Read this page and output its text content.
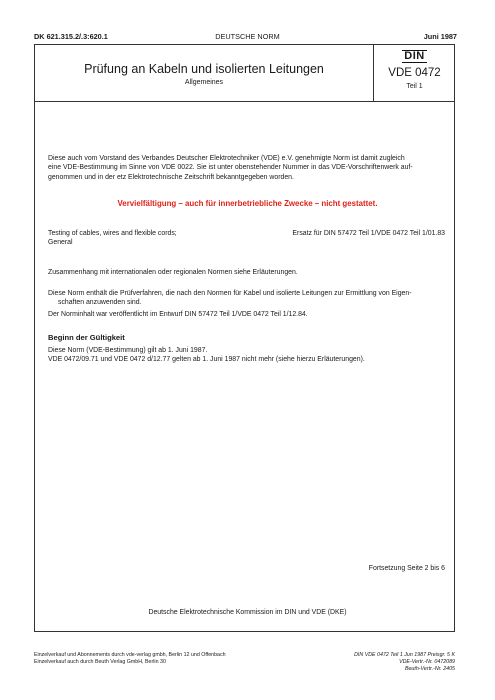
DK 621.315.2/.3:620.1	DEUTSCHE NORM	Juni 1987
Prüfung an Kabeln und isolierten Leitungen
Allgemeines
DIN
VDE 0472
Teil 1
Diese auch vom Vorstand des Verbandes Deutscher Elektrotechniker (VDE) e.V. genehmigte Norm ist damit zugleich
eine VDE-Bestimmung im Sinne von VDE 0022. Sie ist unter obenstehender Nummer in das VDE-Vorschriftenwerk auf-
genommen und in der etz Elektrotechnische Zeitschrift bekanntgegeben worden.
Vervielfältigung – auch für innerbetriebliche Zwecke – nicht gestattet.
Testing of cables, wires and flexible cords;
General
Ersatz für DIN 57472 Teil 1/VDE 0472 Teil 1/01.83
Zusammenhang mit internationalen oder regionalen Normen siehe Erläuterungen.
Diese Norm enthält die Prüfverfahren, die nach den Normen für Kabel und isolierte Leitungen zur Ermittlung von Eigen-
schaften anzuwenden sind.
Der Norminhalt war veröffentlicht im Entwurf DIN 57472 Teil 1/VDE 0472 Teil 1/12.84.
Beginn der Gültigkeit
Diese Norm (VDE-Bestimmung) gilt ab 1. Juni 1987.
VDE 0472/09.71 und VDE 0472 d/12.77 gelten ab 1. Juni 1987 nicht mehr (siehe hierzu Erläuterungen).
Fortsetzung Seite 2 bis 6
Deutsche Elektrotechnische Kommission im DIN und VDE (DKE)
Einzelverkauf und Abonnements durch vde-verlag gmbh, Berlin 12 und Offenbach
Einzelverkauf auch durch Beuth Verlag GmbH, Berlin 30
DIN VDE 0472 Teil 1 Jun 1987 Preisgr. 5 K
VDE-Vertr.-Nr. 0472089
Beuth-Vertr.-Nr. 2405
